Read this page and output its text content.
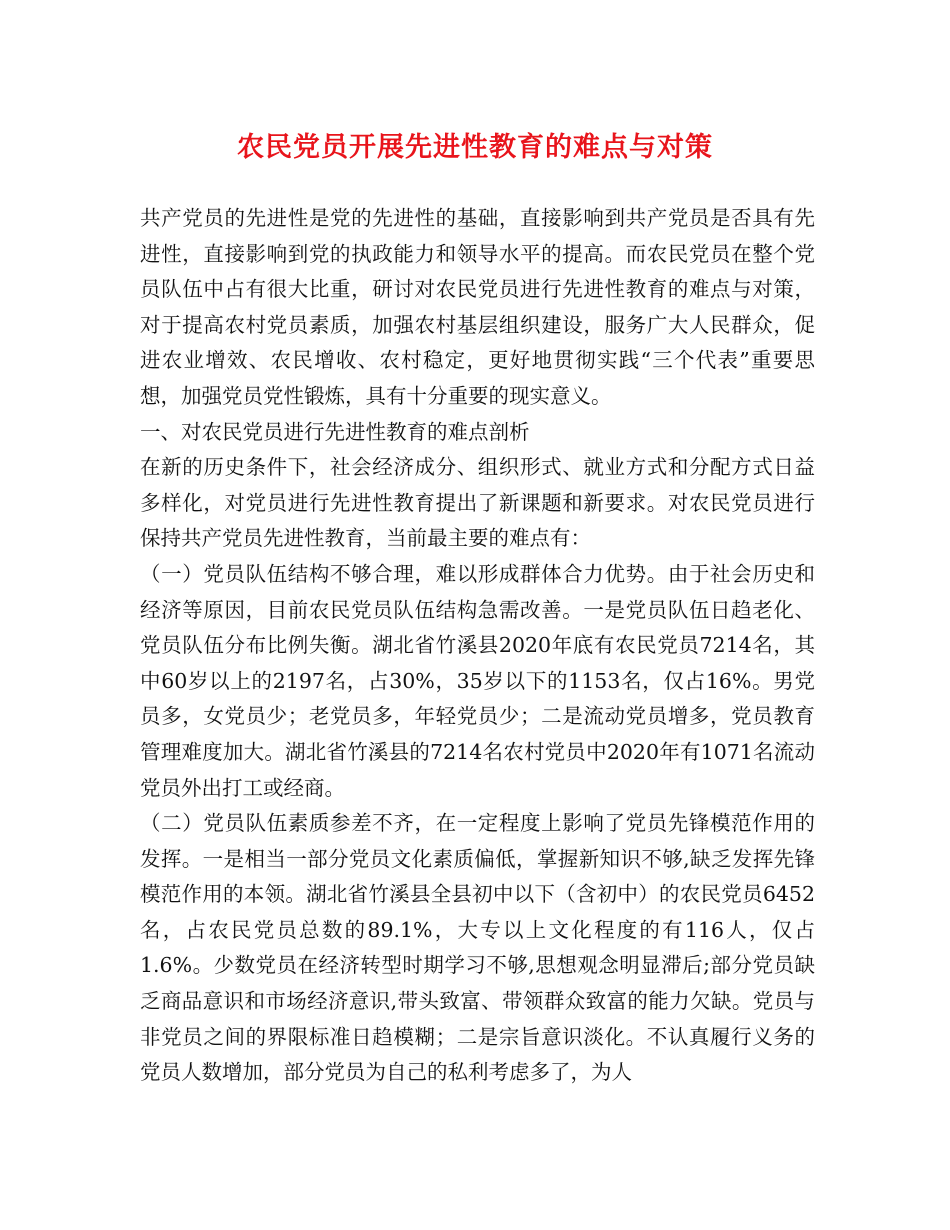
农民党员开展先进性教育的难点与对策

共产党员的先进性是党的先进性的基础，直接影响到共产党员是否具有先进性，直接影响到党的执政能力和领导水平的提高。而农民党员在整个党员队伍中占有很大比重，研讨对农民党员进行先进性教育的难点与对策，对于提高农村党员素质，加强农村基层组织建设，服务广大人民群众，促进农业增效、农民增收、农村稳定，更好地贯彻实践“三个代表”重要思想，加强党员党性锻炼，具有十分重要的现实意义。

一、对农民党员进行先进性教育的难点剖析

在新的历史条件下，社会经济成分、组织形式、就业方式和分配方式日益多样化，对党员进行先进性教育提出了新课题和新要求。对农民党员进行保持共产党员先进性教育，当前最主要的难点有：

（一）党员队伍结构不够合理，难以形成群体合力优势。由于社会历史和经济等原因，目前农民党员队伍结构急需改善。一是党员队伍日趋老化、党员队伍分布比例失衡。湖北省竹溪县2020年底有农民党员7214名，其中60岁以上的2197名，占30%，35岁以下的1153名，仅占16%。男党员多，女党员少；老党员多，年轻党员少；二是流动党员增多，党员教育管理难度加大。湖北省竹溪县的7214名农村党员中2020年有1071名流动党员外出打工或经商。

（二）党员队伍素质参差不齐，在一定程度上影响了党员先锋模范作用的发挥。一是相当一部分党员文化素质偏低，掌握新知识不够,缺乏发挥先锋模范作用的本领。湖北省竹溪县全县初中以下（含初中）的农民党员6452名，占农民党员总数的89.1%，大专以上文化程度的有116人，仅占1.6%。少数党员在经济转型时期学习不够,思想观念明显滞后;部分党员缺乏商品意识和市场经济意识,带头致富、带领群众致富的能力欠缺。党员与非党员之间的界限标准日趋模糊；二是宗旨意识淡化。不认真履行义务的党员人数增加，部分党员为自己的私利考虑多了，为人
